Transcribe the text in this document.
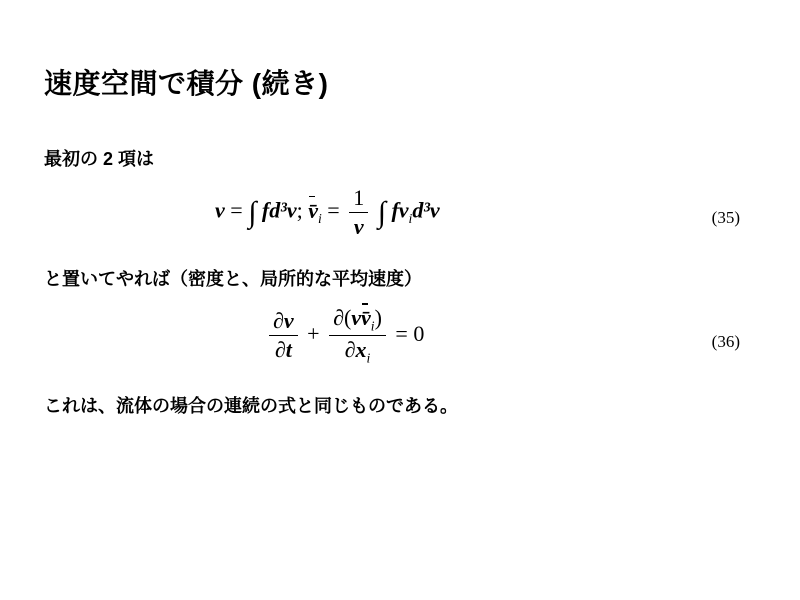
速度空間で積分 (続き)
最初の 2 項は
ν = ∫ fd³v; $v̄_i = \frac{1}{\nu}$ ∫ $fv_id^3v$	(35)
と置いてやれば（密度と、局所的な平均速度）
$\frac{\partial\nu}{\partial t} + \frac{\partial(\nu v̄_i)}{\partial x_i} = 0$	(36)
これは、流体の場合の連続の式と同じものである。
